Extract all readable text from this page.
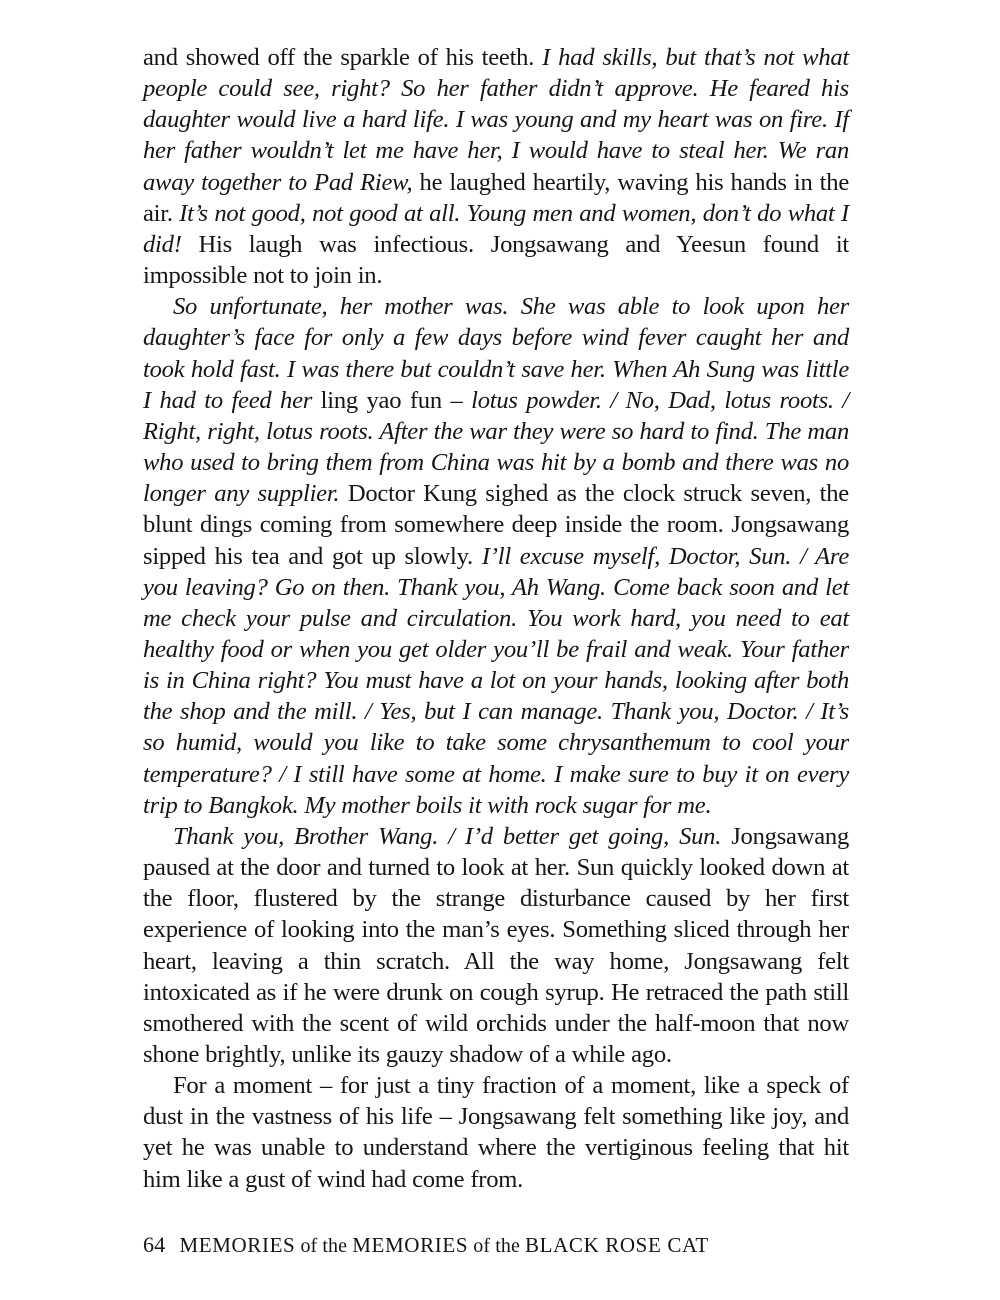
and showed off the sparkle of his teeth. I had skills, but that’s not what people could see, right? So her father didn’t approve. He feared his daughter would live a hard life. I was young and my heart was on fire. If her father wouldn’t let me have her, I would have to steal her. We ran away together to Pad Riew, he laughed heartily, waving his hands in the air. It’s not good, not good at all. Young men and women, don’t do what I did! His laugh was infectious. Jongsawang and Yeesun found it impossible not to join in.

So unfortunate, her mother was. She was able to look upon her daughter’s face for only a few days before wind fever caught her and took hold fast. I was there but couldn’t save her. When Ah Sung was little I had to feed her ling yao fun – lotus powder. / No, Dad, lotus roots. / Right, right, lotus roots. After the war they were so hard to find. The man who used to bring them from China was hit by a bomb and there was no longer any supplier. Doctor Kung sighed as the clock struck seven, the blunt dings coming from somewhere deep inside the room. Jongsawang sipped his tea and got up slowly. I’ll excuse myself, Doctor, Sun. / Are you leaving? Go on then. Thank you, Ah Wang. Come back soon and let me check your pulse and circulation. You work hard, you need to eat healthy food or when you get older you’ll be frail and weak. Your father is in China right? You must have a lot on your hands, looking after both the shop and the mill. / Yes, but I can manage. Thank you, Doctor. / It’s so humid, would you like to take some chrysanthemum to cool your temperature? / I still have some at home. I make sure to buy it on every trip to Bangkok. My mother boils it with rock sugar for me.

Thank you, Brother Wang. / I’d better get going, Sun. Jongsawang paused at the door and turned to look at her. Sun quickly looked down at the floor, flustered by the strange disturbance caused by her first experience of looking into the man’s eyes. Something sliced through her heart, leaving a thin scratch. All the way home, Jongsawang felt intoxicated as if he were drunk on cough syrup. He retraced the path still smothered with the scent of wild orchids under the half-moon that now shone brightly, unlike its gauzy shadow of a while ago.

For a moment – for just a tiny fraction of a moment, like a speck of dust in the vastness of his life – Jongsawang felt something like joy, and yet he was unable to understand where the vertiginous feeling that hit him like a gust of wind had come from.

64 MEMORIES of the MEMORIES of the BLACK ROSE CAT
